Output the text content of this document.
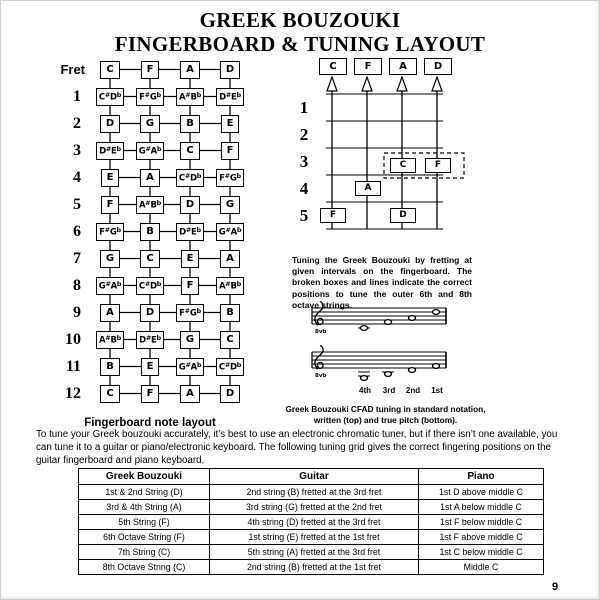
GREEK BOUZOUKI
FINGERBOARD & TUNING LAYOUT
Fret	C	F	A	D
1	$C^{\#}D^b$	$F^{\#}G^b$	$A^{\#}B^b$	$D^{\#}E^b$
2	D	G	B	E
3	$D^{\#}E^b$	$G^{\#}A^b$	C	F
4	E	A	$C^{\#}D^b$	$F^{\#}G^b$
5	F	$A^{\#}B^b$	D	G
6	$F^{\#}G^b$	B	$D^{\#}E^b$	$G^{\#}A^b$
7	G	C	E	A
8	$G^{\#}A^b$	$C^{\#}D^b$	F	$A^{\#}B^b$
9	A	D	$F^{\#}G^b$	B
10	$A^{\#}B^b$	$D^{\#}E^b$	G	C
11	B	E	$G^{\#}A^b$	$C^{\#}D^b$
12	C	F	A	D
Fingerboard note layout
C	F	A	D
1
2
3
4
5
C	F
A
F	D
Tuning the Greek Bouzouki by fretting at given intervals on the fingerboard. The broken boxes and lines indicate the correct positions to tune the outer 6th and 8th octave strings.
8vb
8vb
4th	3rd	2nd	1st
Greek Bouzouki CFAD tuning in standard notation, written (top) and true pitch (bottom).
To tune your Greek bouzouki accurately, it’s best to use an electronic chromatic tuner, but if there isn’t one available, you can tune it to a guitar or piano/electronic keyboard. The following tuning grid gives the correct fingering positions on the guitar fingerboard and piano keyboard.
Greek Bouzouki	Guitar	Piano
1st & 2nd String (D)	2nd string (B) fretted at the 3rd fret	1st D above middle C
3rd & 4th String (A)	3rd string (G) fretted at the 2nd fret	1st A below middle C
5th String (F)	4th string (D) fretted at the 3rd fret	1st F below middle C
6th Octave String (F)	1st string (E) fretted at the 1st fret	1st F above middle C
7th String (C)	5th string (A) fretted at the 3rd fret	1st C below middle C
8th Octave String (C)	2nd string (B) fretted at the 1st fret	Middle C
9
